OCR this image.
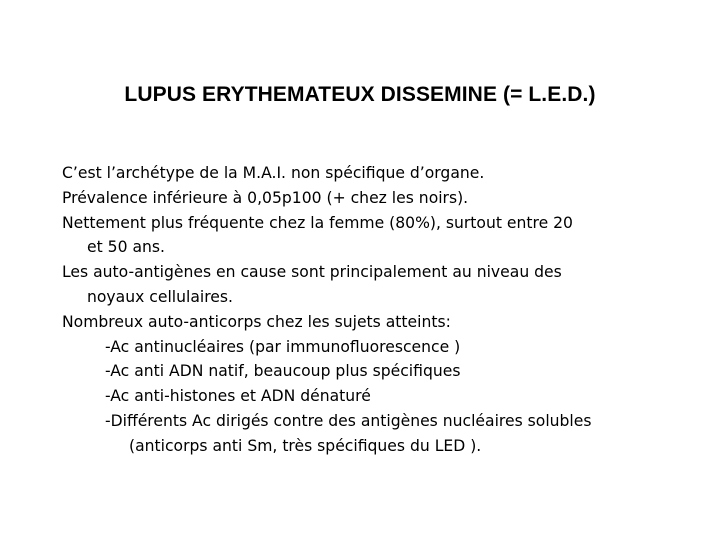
LUPUS ERYTHEMATEUX DISSEMINE (= L.E.D.)
C’est l’archétype de la M.A.I. non spécifique d’organe.
Prévalence inférieure à 0,05p100 (+ chez les noirs).
Nettement plus fréquente chez la femme (80%), surtout entre 20
et 50 ans.
Les auto-antigènes en cause sont principalement au niveau des
noyaux cellulaires.
Nombreux auto-anticorps chez les sujets atteints:
-Ac antinucléaires (par immunofluorescence )
-Ac anti ADN natif, beaucoup plus spécifiques
-Ac anti-histones et ADN dénaturé
-Différents Ac dirigés contre des antigènes nucléaires solubles
(anticorps anti Sm, très spécifiques du LED ).
